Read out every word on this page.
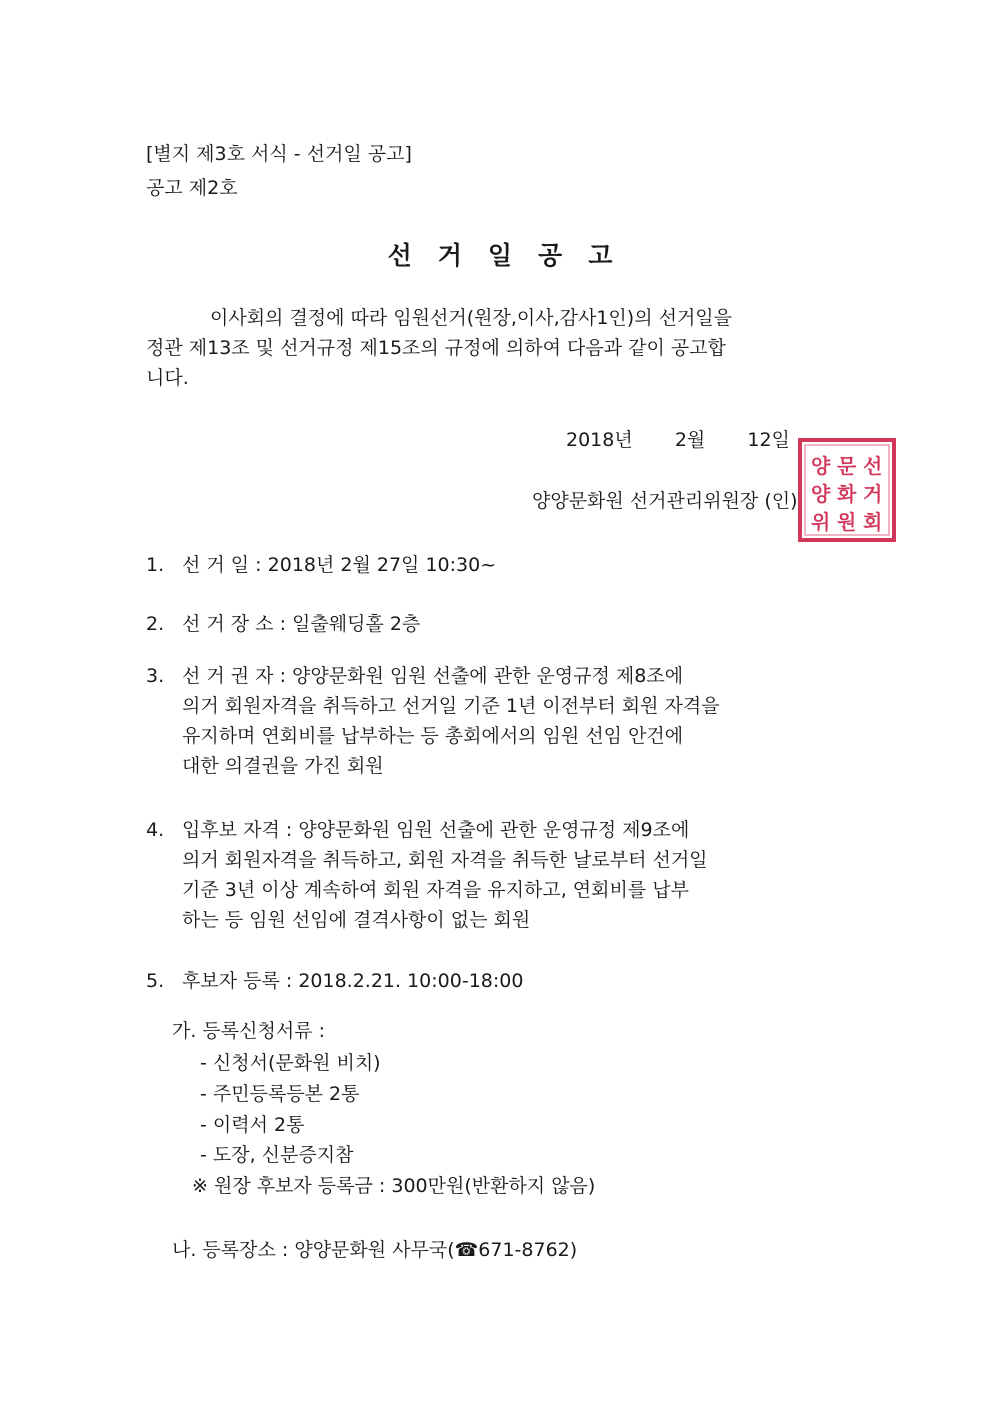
[별지 제3호 서식 - 선거일 공고]
공고 제2호
선거일공고
이사회의 결정에 따라 임원선거(원장,이사,감사1인)의 선거일을
정관 제13조 및 선거규정 제15조의 규정에 의하여 다음과 같이 공고합
니다.
2018년 2월 12일
양양문화원 선거관리위원장 (인)
양 문 선
양 화 거
위 원 회
1. 선 거 일 : 2018년 2월 27일 10:30~
2. 선 거 장 소 : 일출웨딩홀 2층
3. 선 거 권 자 : 양양문화원 임원 선출에 관한 운영규정 제8조에
의거 회원자격을 취득하고 선거일 기준 1년 이전부터 회원 자격을
유지하며 연회비를 납부하는 등 총회에서의 임원 선임 안건에
대한 의결권을 가진 회원
4. 입후보 자격 : 양양문화원 임원 선출에 관한 운영규정 제9조에
의거 회원자격을 취득하고, 회원 자격을 취득한 날로부터 선거일
기준 3년 이상 계속하여 회원 자격을 유지하고, 연회비를 납부
하는 등 임원 선임에 결격사항이 없는 회원
5. 후보자 등록 : 2018.2.21. 10:00-18:00
가. 등록신청서류 :
- 신청서(문화원 비치)
- 주민등록등본 2통
- 이력서 2통
- 도장, 신분증지참
※ 원장 후보자 등록금 : 300만원(반환하지 않음)
나. 등록장소 : 양양문화원 사무국(☎671-8762)
